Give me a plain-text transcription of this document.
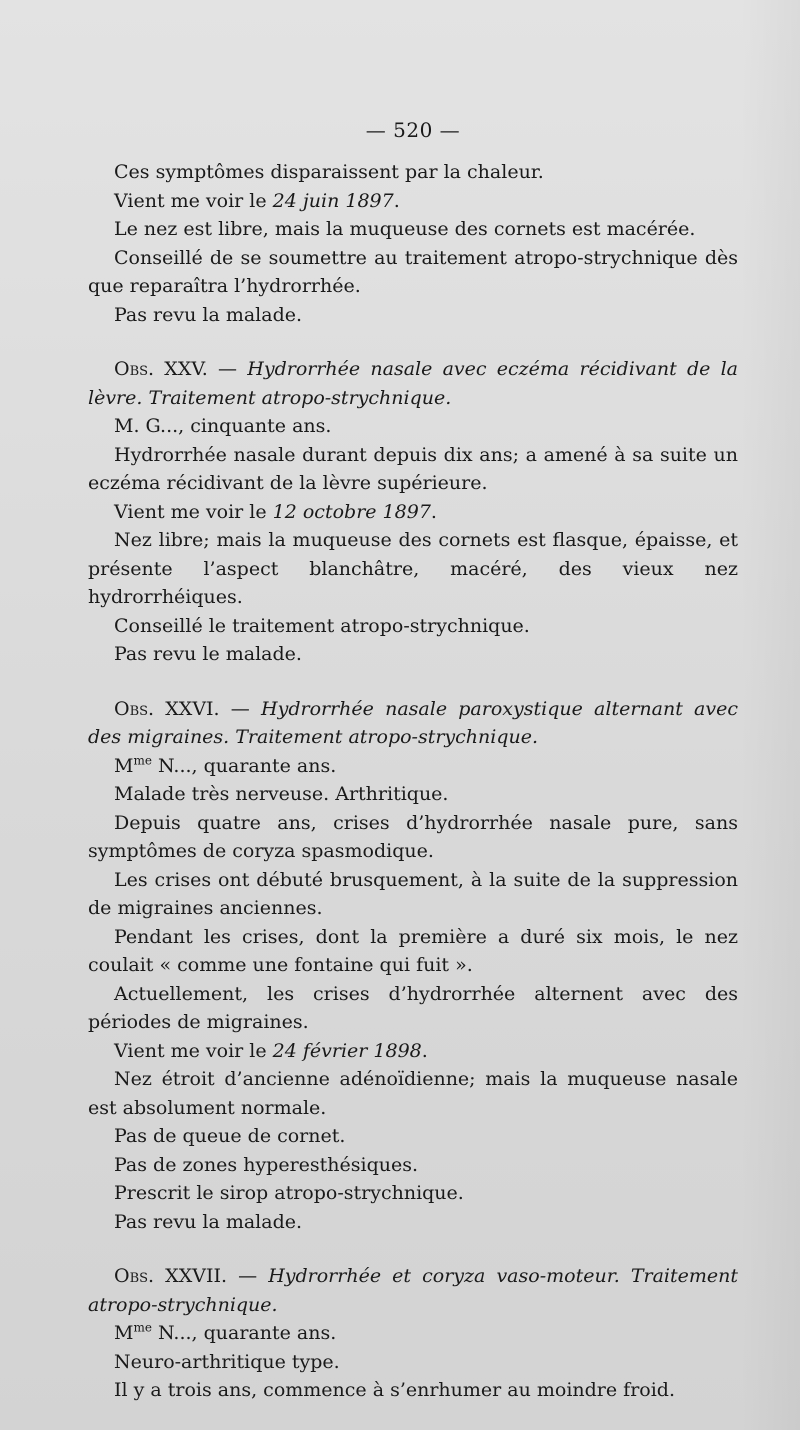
— 520 —

Ces symptômes disparaissent par la chaleur.

Vient me voir le 24 juin 1897.

Le nez est libre, mais la muqueuse des cornets est macérée.

Conseillé de se soumettre au traitement atropo-strychnique dès que reparaîtra l’hydrorrhée.

Pas revu la malade.

Obs. XXV. — Hydrorrhée nasale avec eczéma récidivant de la lèvre. Traitement atropo-strychnique.

M. G..., cinquante ans.

Hydrorrhée nasale durant depuis dix ans; a amené à sa suite un eczéma récidivant de la lèvre supérieure.

Vient me voir le 12 octobre 1897.

Nez libre; mais la muqueuse des cornets est flasque, épaisse, et présente l’aspect blanchâtre, macéré, des vieux nez hydrorrhéiques.

Conseillé le traitement atropo-strychnique.

Pas revu le malade.

Obs. XXVI. — Hydrorrhée nasale paroxystique alternant avec des migraines. Traitement atropo-strychnique.

$M^{me}$ N..., quarante ans.

Malade très nerveuse. Arthritique.

Depuis quatre ans, crises d’hydrorrhée nasale pure, sans symptômes de coryza spasmodique.

Les crises ont débuté brusquement, à la suite de la suppression de migraines anciennes.

Pendant les crises, dont la première a duré six mois, le nez coulait « comme une fontaine qui fuit ».

Actuellement, les crises d’hydrorrhée alternent avec des périodes de migraines.

Vient me voir le 24 février 1898.

Nez étroit d’ancienne adénoïdienne; mais la muqueuse nasale est absolument normale.

Pas de queue de cornet.

Pas de zones hyperesthésiques.

Prescrit le sirop atropo-strychnique.

Pas revu la malade.

Obs. XXVII. — Hydrorrhée et coryza vaso-moteur. Traitement atropo-strychnique.

$M^{me}$ N..., quarante ans.

Neuro-arthritique type.

Il y a trois ans, commence à s’enrhumer au moindre froid.
